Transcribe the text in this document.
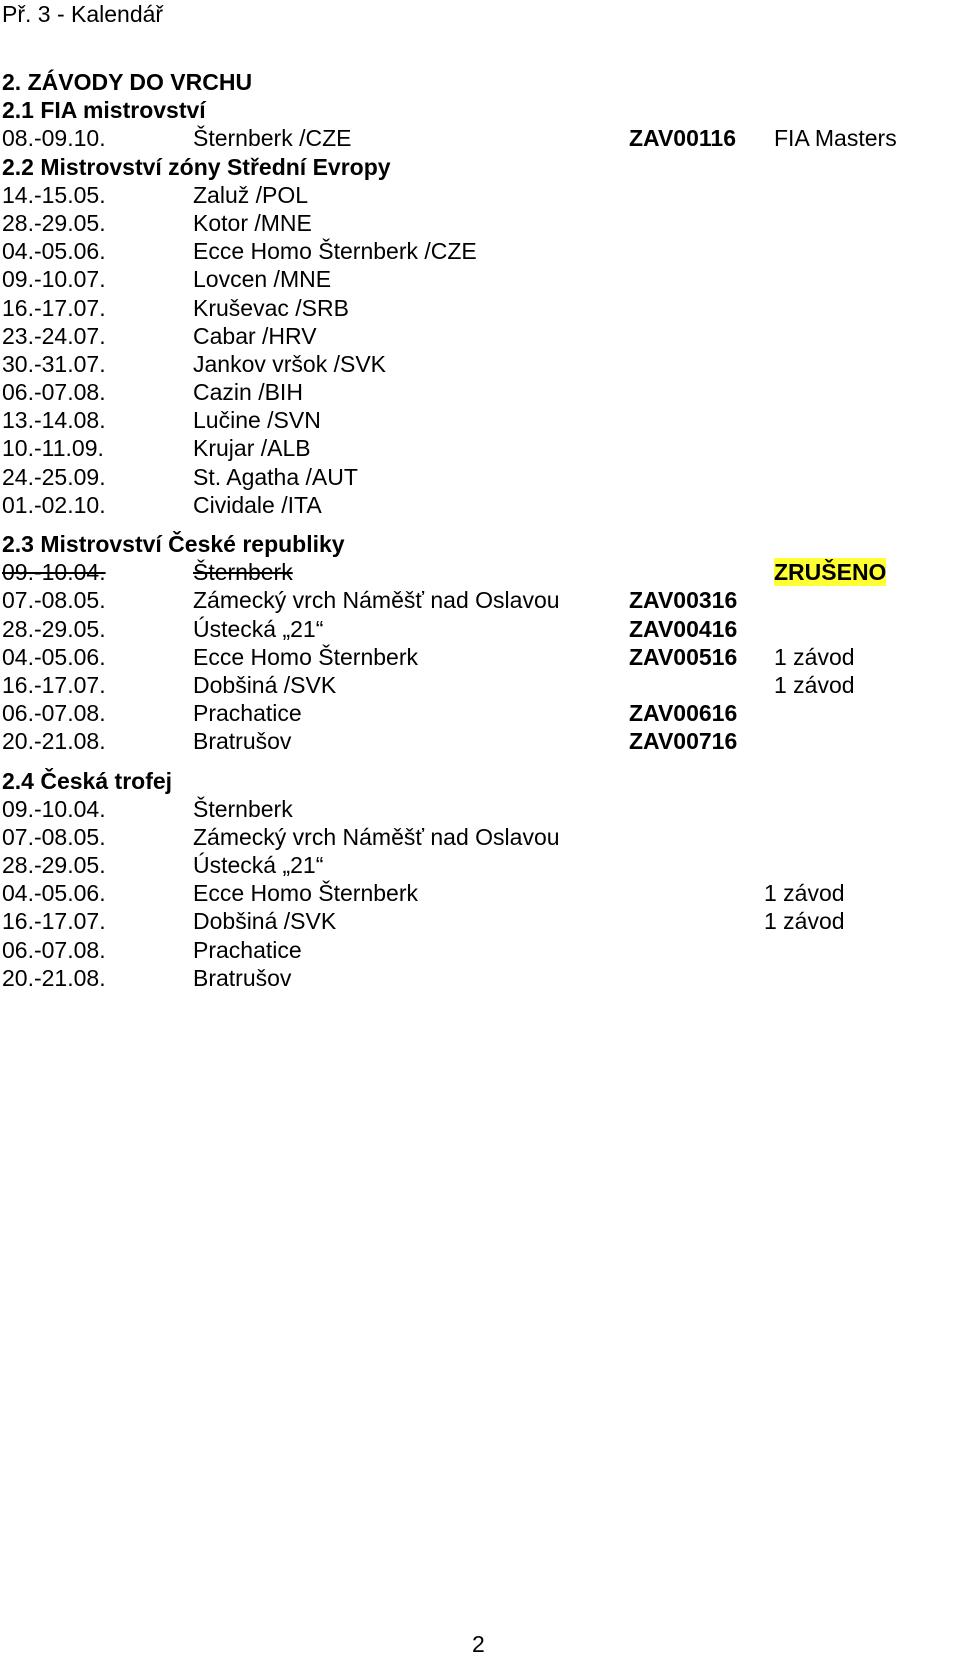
Př. 3 - Kalendář
2. ZÁVODY DO VRCHU
2.1 FIA mistrovství
08.-09.10.	Šternberk /CZE	ZAV00116 FIA Masters
2.2 Mistrovství zóny Střední Evropy
14.-15.05.	Zaluž /POL
28.-29.05.	Kotor /MNE
04.-05.06.	Ecce Homo Šternberk /CZE
09.-10.07.	Lovcen /MNE
16.-17.07.	Kruševac /SRB
23.-24.07.	Cabar /HRV
30.-31.07.	Jankov vršok /SVK
06.-07.08.	Cazin /BIH
13.-14.08.	Lučine /SVN
10.-11.09.	Krujar /ALB
24.-25.09.	St. Agatha /AUT
01.-02.10.	Cividale /ITA
2.3 Mistrovství České republiky
09.-10.04.	Šternberk	ZRUŠENO
07.-08.05.	Zámecký vrch Náměšť nad Oslavou	ZAV00316
28.-29.05.	Ústecká „21“	ZAV00416
04.-05.06.	Ecce Homo Šternberk	ZAV00516 1 závod
16.-17.07.	Dobšiná /SVK	1 závod
06.-07.08.	Prachatice	ZAV00616
20.-21.08.	Bratrušov	ZAV00716
2.4 Česká trofej
09.-10.04.	Šternberk
07.-08.05.	Zámecký vrch Náměšť nad Oslavou
28.-29.05.	Ústecká „21“
04.-05.06.	Ecce Homo Šternberk	1 závod
16.-17.07.	Dobšiná /SVK	1 závod
06.-07.08.	Prachatice
20.-21.08.	Bratrušov
2
